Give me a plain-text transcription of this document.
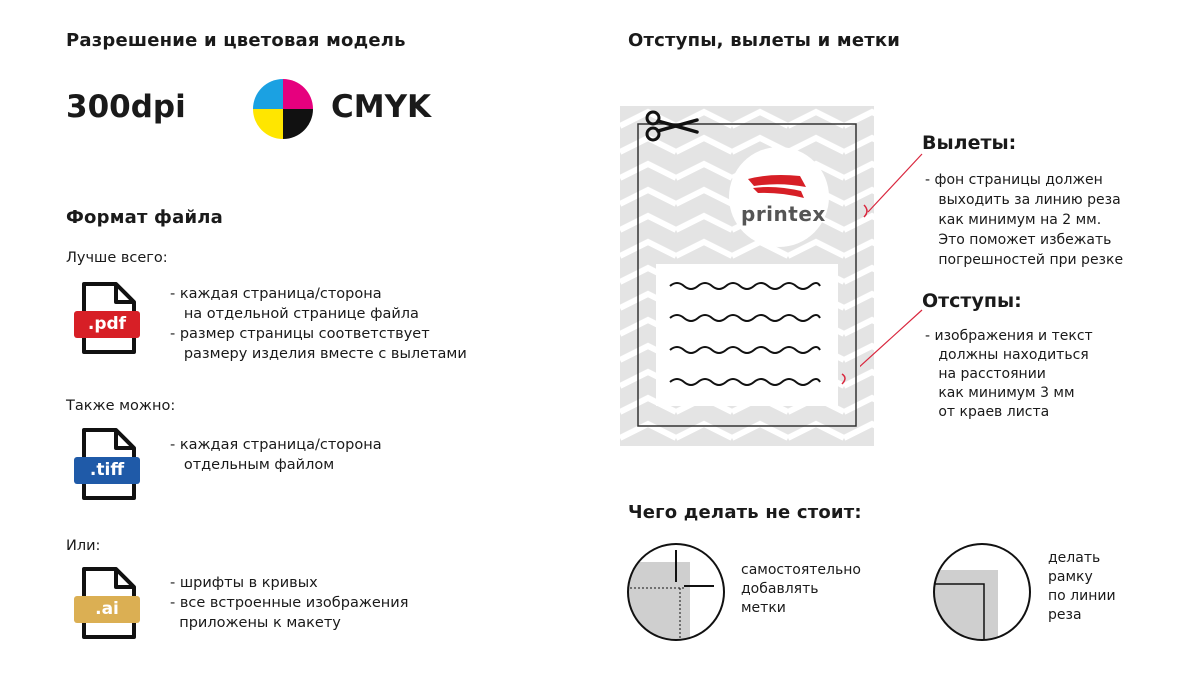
Разрешение и цветовая модель
300dpi	CMYK
Формат файла
Лучше всего:
.pdf
- каждая страница/сторона
на отдельной странице файла
- размер страницы соответствует
размеру изделия вместе с вылетами
Также можно:
.tiff
- каждая страница/сторона
отдельным файлом
Или:
.ai
- шрифты в кривых
- все встроенные изображения
приложены к макету
Отступы, вылеты и метки
printex
Вылеты:
- фон страницы должен
выходить за линию реза
как минимум на 2 мм.
Это поможет избежать
погрешностей при резке
Отступы:
- изображения и текст
должны находиться
на расстоянии
как минимум 3 мм
от краев листа
Чего делать не стоит:
самостоятельно
добавлять
метки
делать
рамку
по линии
реза
